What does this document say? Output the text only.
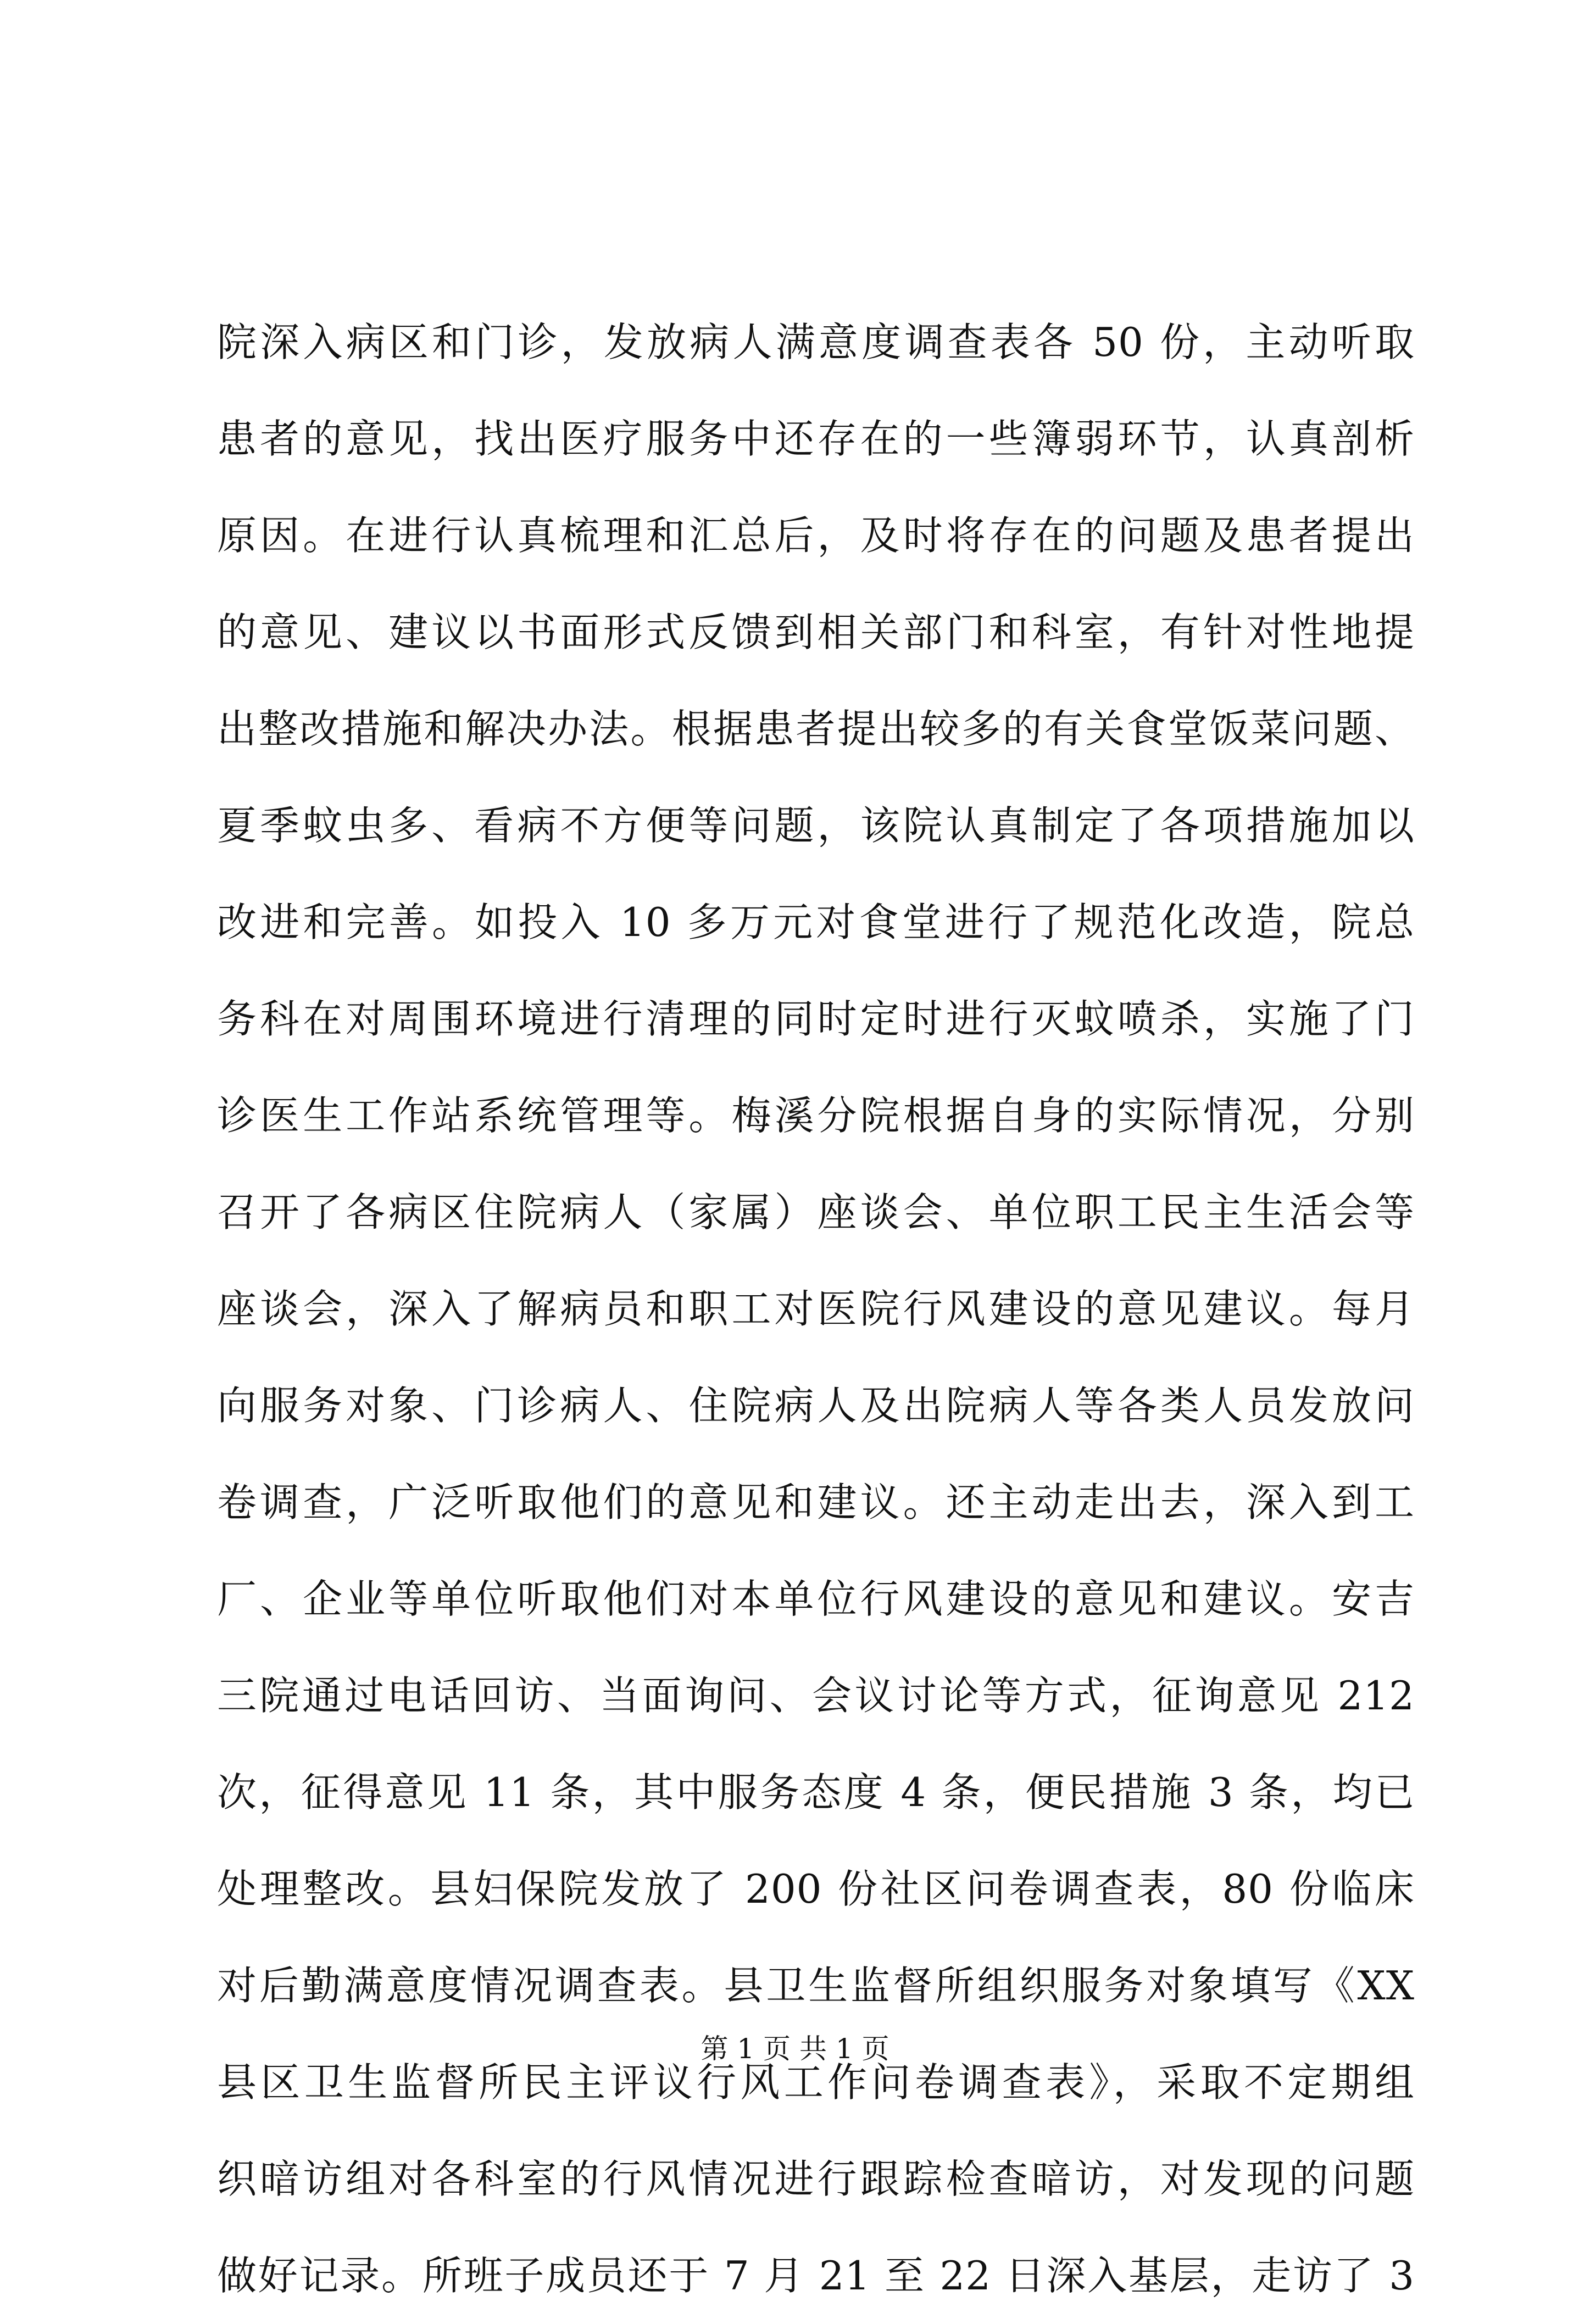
院深入病区和门诊，发放病人满意度调查表各 50 份，主动听取
患者的意见，找出医疗服务中还存在的一些簿弱环节，认真剖析
原因。在进行认真梳理和汇总后，及时将存在的问题及患者提出
的意见、建议以书面形式反馈到相关部门和科室，有针对性地提
出整改措施和解决办法。根据患者提出较多的有关食堂饭菜问题、
夏季蚊虫多、看病不方便等问题，该院认真制定了各项措施加以
改进和完善。如投入 10 多万元对食堂进行了规范化改造，院总
务科在对周围环境进行清理的同时定时进行灭蚊喷杀，实施了门
诊医生工作站系统管理等。梅溪分院根据自身的实际情况，分别
召开了各病区住院病人（家属）座谈会、单位职工民主生活会等
座谈会，深入了解病员和职工对医院行风建设的意见建议。每月
向服务对象、门诊病人、住院病人及出院病人等各类人员发放问
卷调查，广泛听取他们的意见和建议。还主动走出去，深入到工
厂、企业等单位听取他们对本单位行风建设的意见和建议。安吉
三院通过电话回访、当面询问、会议讨论等方式，征询意见 212
次，征得意见 11 条，其中服务态度 4 条，便民措施 3 条，均已
处理整改。县妇保院发放了 200 份社区问卷调查表，80 份临床
对后勤满意度情况调查表。县卫生监督所组织服务对象填写《XX
县区卫生监督所民主评议行风工作问卷调查表》，采取不定期组
织暗访组对各科室的行风情况进行跟踪检查暗访，对发现的问题
做好记录。所班子成员还于 7 月 21 至 22 日深入基层，走访了 3
第 1 页 共 1 页
